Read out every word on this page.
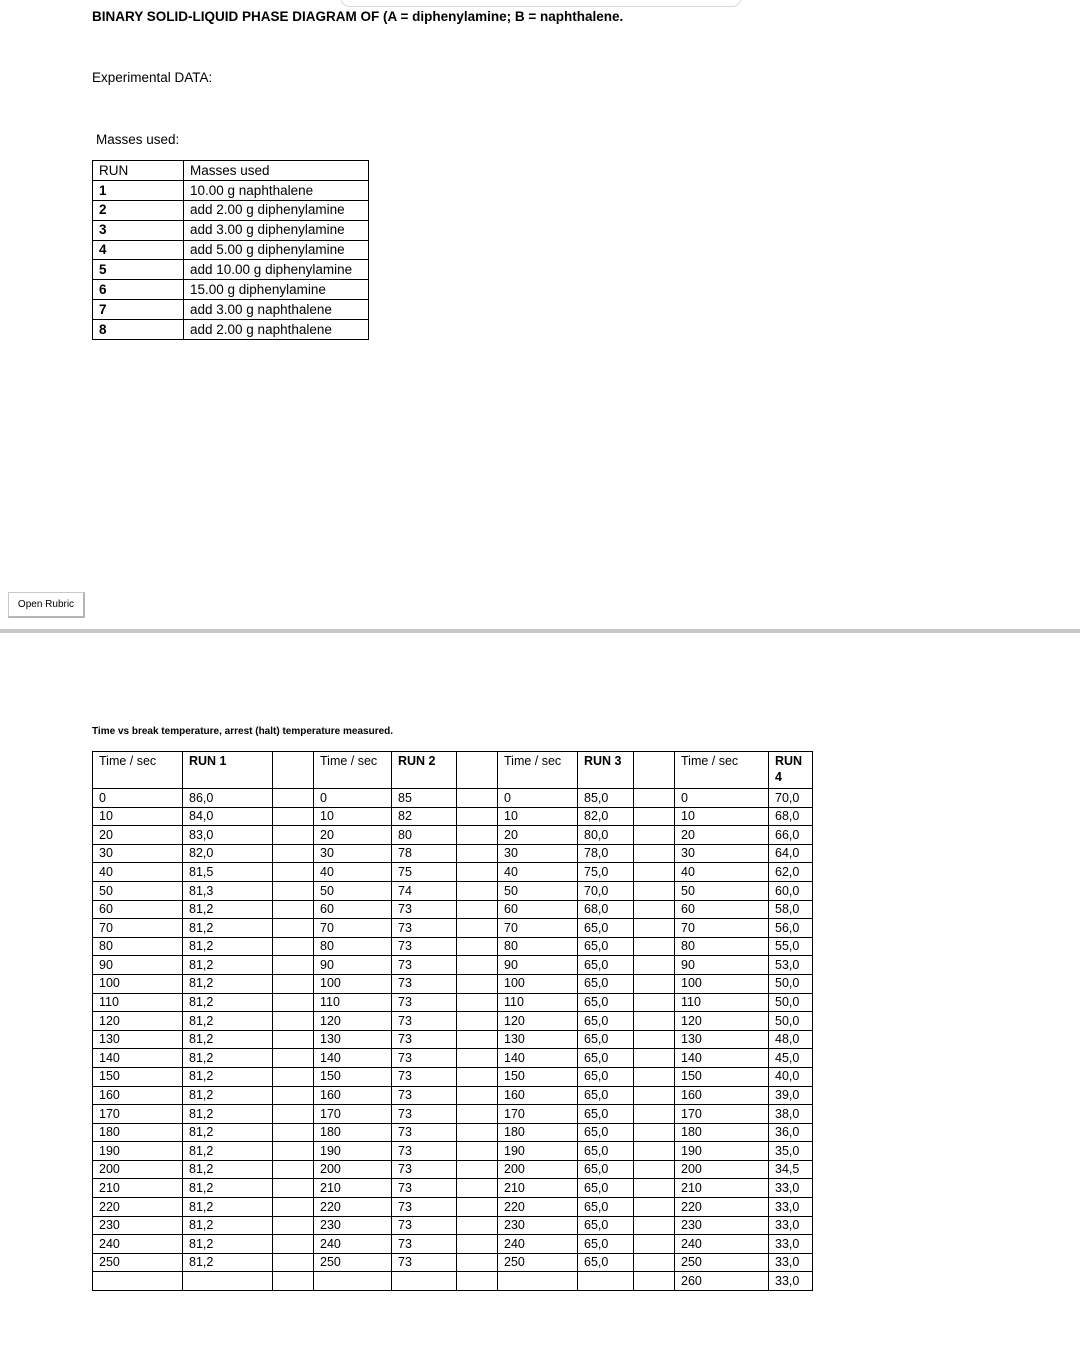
BINARY SOLID-LIQUID PHASE DIAGRAM OF (A = diphenylamine; B = naphthalene.
Experimental DATA:
Masses used:
RUN	Masses used
1	10.00 g naphthalene
2	add 2.00 g diphenylamine
3	add 3.00 g diphenylamine
4	add 5.00 g diphenylamine
5	add 10.00 g diphenylamine
6	15.00 g diphenylamine
7	add 3.00 g naphthalene
8	add 2.00 g naphthalene
Open Rubric
Time vs break temperature, arrest (halt) temperature measured.
Time / sec	RUN 1		Time / sec	RUN 2		Time / sec	RUN 3		Time / sec	RUN 4
0	86,0		0	85		0	85,0		0	70,0
10	84,0		10	82		10	82,0		10	68,0
20	83,0		20	80		20	80,0		20	66,0
30	82,0		30	78		30	78,0		30	64,0
40	81,5		40	75		40	75,0		40	62,0
50	81,3		50	74		50	70,0		50	60,0
60	81,2		60	73		60	68,0		60	58,0
70	81,2		70	73		70	65,0		70	56,0
80	81,2		80	73		80	65,0		80	55,0
90	81,2		90	73		90	65,0		90	53,0
100	81,2		100	73		100	65,0		100	50,0
110	81,2		110	73		110	65,0		110	50,0
120	81,2		120	73		120	65,0		120	50,0
130	81,2		130	73		130	65,0		130	48,0
140	81,2		140	73		140	65,0		140	45,0
150	81,2		150	73		150	65,0		150	40,0
160	81,2		160	73		160	65,0		160	39,0
170	81,2		170	73		170	65,0		170	38,0
180	81,2		180	73		180	65,0		180	36,0
190	81,2		190	73		190	65,0		190	35,0
200	81,2		200	73		200	65,0		200	34,5
210	81,2		210	73		210	65,0		210	33,0
220	81,2		220	73		220	65,0		220	33,0
230	81,2		230	73		230	65,0		230	33,0
240	81,2		240	73		240	65,0		240	33,0
250	81,2		250	73		250	65,0		250	33,0
									260	33,0
